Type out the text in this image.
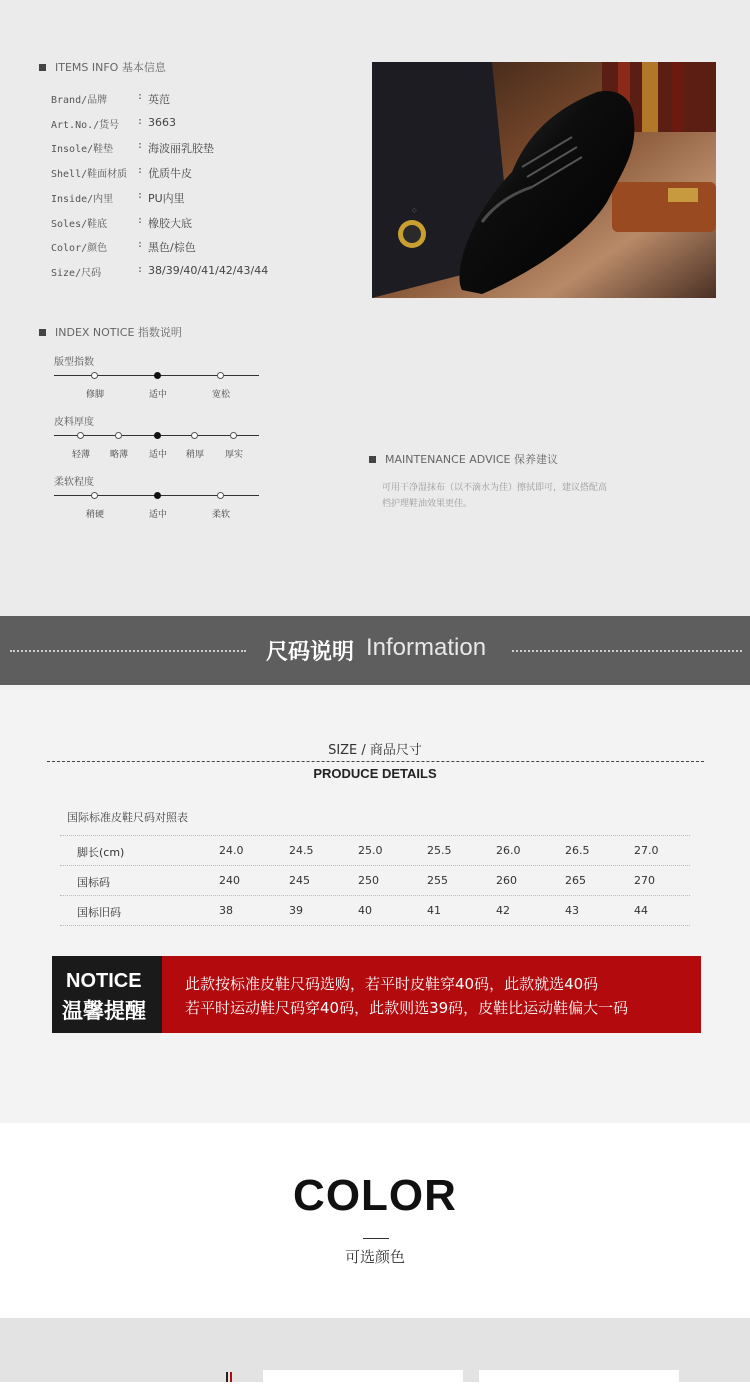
ITEMS INFO 基本信息
Brand/品牌	: 英范
Art.No./货号 : 3663
Insole/鞋垫 : 海波丽乳胶垫
Shell/鞋面材质 : 优质牛皮
Inside/内里 : PU内里
Soles/鞋底	: 橡胶大底
Color/颜色	: 黑色/棕色
Size/尺码	: 38/39/40/41/42/43/44
◇
INDEX NOTICE 指数说明
版型指数
修脚	适中	宽松
皮料厚度
轻薄	略薄	适中	稍厚	厚实
柔软程度
稍硬	适中	柔软
MAINTENANCE ADVICE 保养建议
可用干净湿抹布（以不滴水为佳）擦拭即可，建议搭配高
档护理鞋油效果更佳。
尺码说明 Information
SIZE / 商品尺寸
PRODUCE DETAILS
国际标准皮鞋尺码对照表
脚长(cm)	24.0	24.5	25.0	25.5	26.0	26.5	27.0
国标码	240	245	250	255	260	265	270
国标旧码	38	39	40	41	42	43	44
NOTICE
温馨提醒
此款按标准皮鞋尺码选购，若平时皮鞋穿40码，此款就选40码
若平时运动鞋尺码穿40码，此款则选39码，皮鞋比运动鞋偏大一码
COLOR
可选颜色
